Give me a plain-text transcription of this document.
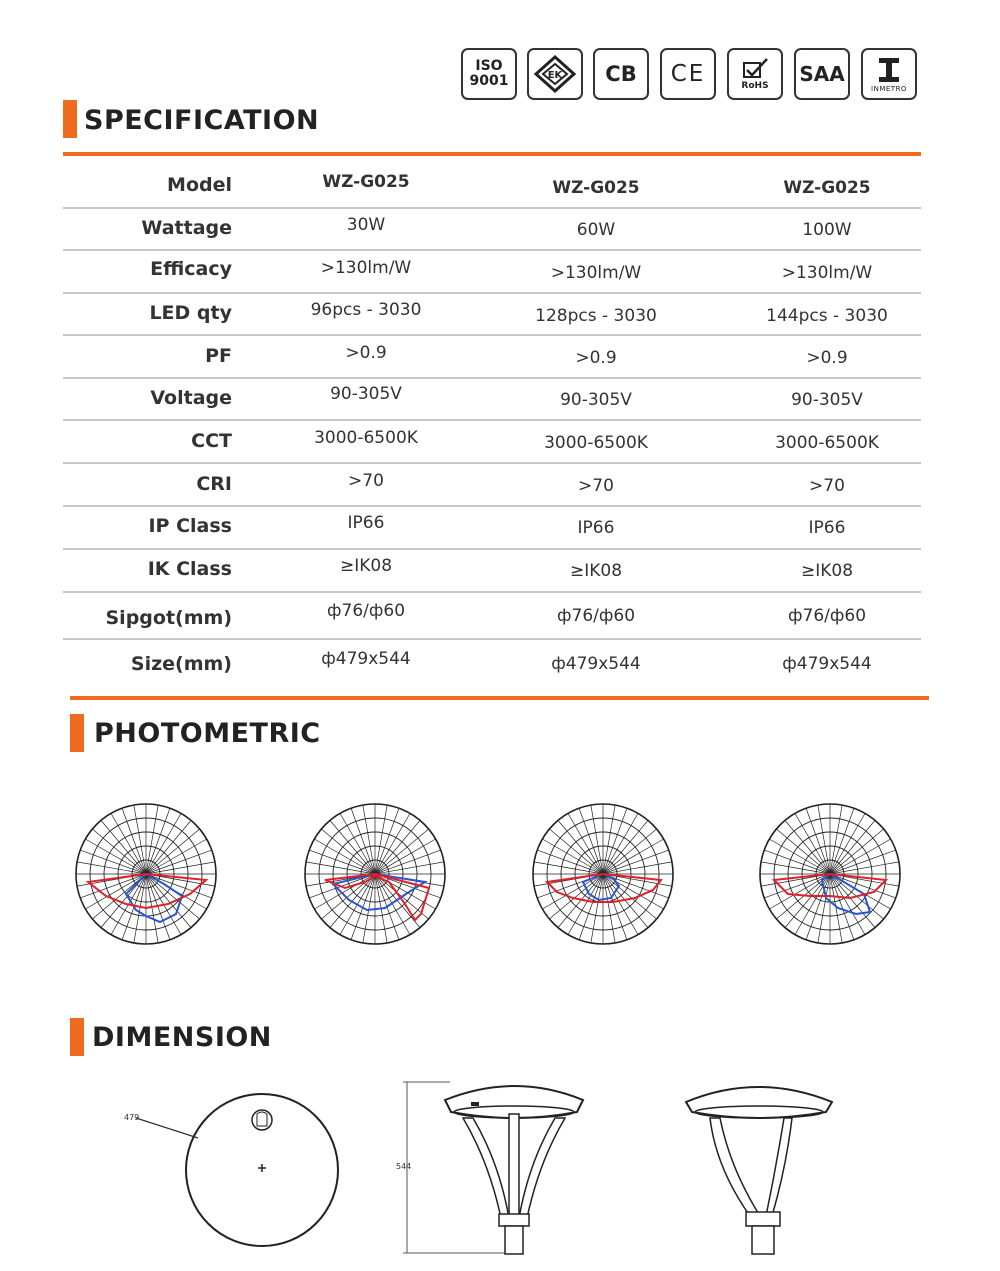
ISO
9001	EK CB CE	RoHS SAA
INMETRO
SPECIFICATION
Model	WZ-G025	WZ-G025	WZ-G025
Wattage	30W	60W	100W
Efficacy	>130lm/W	>130lm/W	>130lm/W
LED qty	96pcs - 3030	128pcs - 3030	144pcs - 3030
PF	>0.9	>0.9	>0.9
Voltage	90-305V	90-305V	90-305V
CCT	3000-6500K	3000-6500K	3000-6500K
CRI	>70	>70	>70
IP Class	IP66	IP66	IP66
IK Class	≥IK08	≥IK08	≥IK08
Sipgot(mm)	ф76/ф60	ф76/ф60	ф76/ф60
Size(mm)	ф479x544	ф479x544	ф479x544
PHOTOMETRIC
DIMENSION
479
544
